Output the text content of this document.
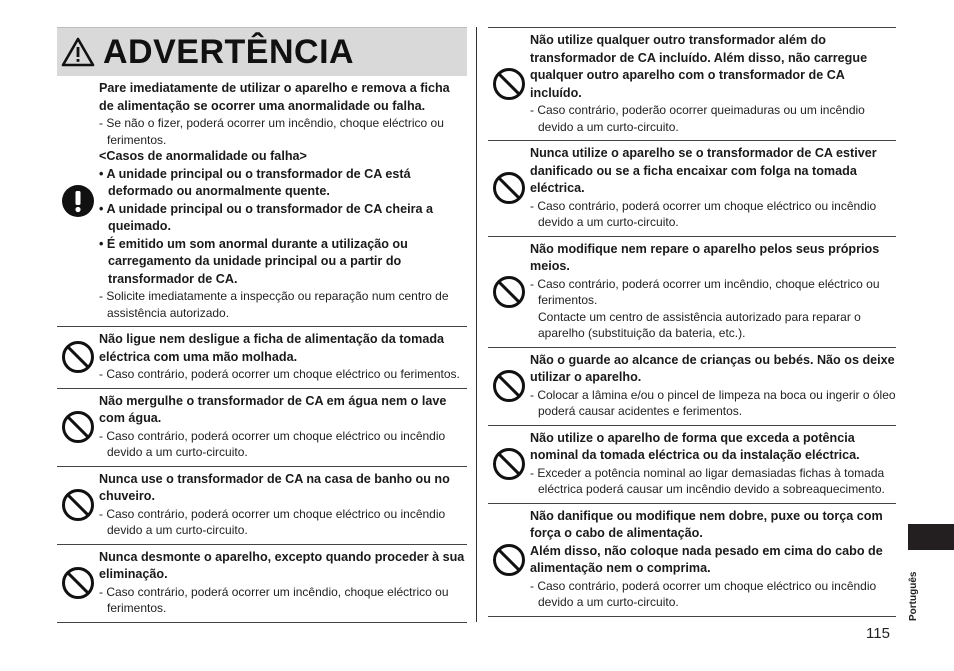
ADVERTÊNCIA
Pare imediatamente de utilizar o aparelho e remova a ficha de alimentação se ocorrer uma anormalidade ou falha.
- Se não o fizer, poderá ocorrer um incêndio, choque eléctrico ou ferimentos.
<Casos de anormalidade ou falha>
• A unidade principal ou o transformador de CA está deformado ou anormalmente quente.
• A unidade principal ou o transformador de CA cheira a queimado.
• É emitido um som anormal durante a utilização ou carregamento da unidade principal ou a partir do transformador de CA.
- Solicite imediatamente a inspecção ou reparação num centro de assistência autorizado.
Não ligue nem desligue a ficha de alimentação da tomada eléctrica com uma mão molhada.
- Caso contrário, poderá ocorrer um choque eléctrico ou ferimentos.
Não mergulhe o transformador de CA em água nem o lave com água.
- Caso contrário, poderá ocorrer um choque eléctrico ou incêndio devido a um curto-circuito.
Nunca use o transformador de CA na casa de banho ou no chuveiro.
- Caso contrário, poderá ocorrer um choque eléctrico ou incêndio devido a um curto-circuito.
Nunca desmonte o aparelho, excepto quando proceder à sua eliminação.
- Caso contrário, poderá ocorrer um incêndio, choque eléctrico ou ferimentos.
Não utilize qualquer outro transformador além do transformador de CA incluído. Além disso, não carregue qualquer outro aparelho com o transformador de CA incluído.
- Caso contrário, poderão ocorrer queimaduras ou um incêndio devido a um curto-circuito.
Nunca utilize o aparelho se o transformador de CA estiver danificado ou se a ficha encaixar com folga na tomada eléctrica.
- Caso contrário, poderá ocorrer um choque eléctrico ou incêndio devido a um curto-circuito.
Não modifique nem repare o aparelho pelos seus próprios meios.
- Caso contrário, poderá ocorrer um incêndio, choque eléctrico ou ferimentos.
Contacte um centro de assistência autorizado para reparar o aparelho (substituição da bateria, etc.).
Não o guarde ao alcance de crianças ou bebés. Não os deixe utilizar o aparelho.
- Colocar a lâmina e/ou o pincel de limpeza na boca ou ingerir o óleo poderá causar acidentes e ferimentos.
Não utilize o aparelho de forma que exceda a potência nominal da tomada eléctrica ou da instalação eléctrica.
- Exceder a potência nominal ao ligar demasiadas fichas à tomada eléctrica poderá causar um incêndio devido a sobreaquecimento.
Não danifique ou modifique nem dobre, puxe ou torça com força o cabo de alimentação.
Além disso, não coloque nada pesado em cima do cabo de alimentação nem o comprima.
- Caso contrário, poderá ocorrer um choque eléctrico ou incêndio devido a um curto-circuito.	Português
115
